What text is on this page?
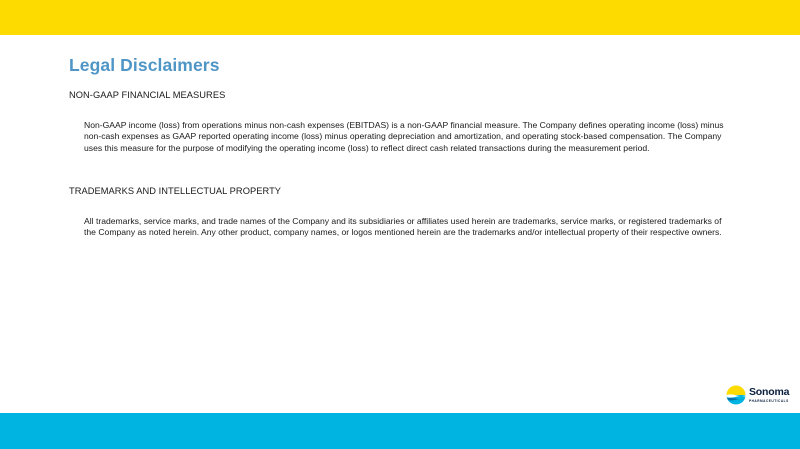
Legal Disclaimers
NON-GAAP FINANCIAL MEASURES

Non-GAAP income (loss) from operations minus non-cash expenses (EBITDAS) is a non-GAAP financial measure. The Company defines operating income (loss) minus non-cash expenses as GAAP reported operating income (loss) minus operating depreciation and amortization, and operating stock-based compensation. The Company uses this measure for the purpose of modifying the operating income (loss) to reflect direct cash related transactions during the measurement period.

TRADEMARKS AND INTELLECTUAL PROPERTY

All trademarks, service marks, and trade names of the Company and its subsidiaries or affiliates used herein are trademarks, service marks, or registered trademarks of the Company as noted herein. Any other product, company names, or logos mentioned herein are the trademarks and/or intellectual property of their respective owners.

Sonoma
PHARMACEUTICALS
